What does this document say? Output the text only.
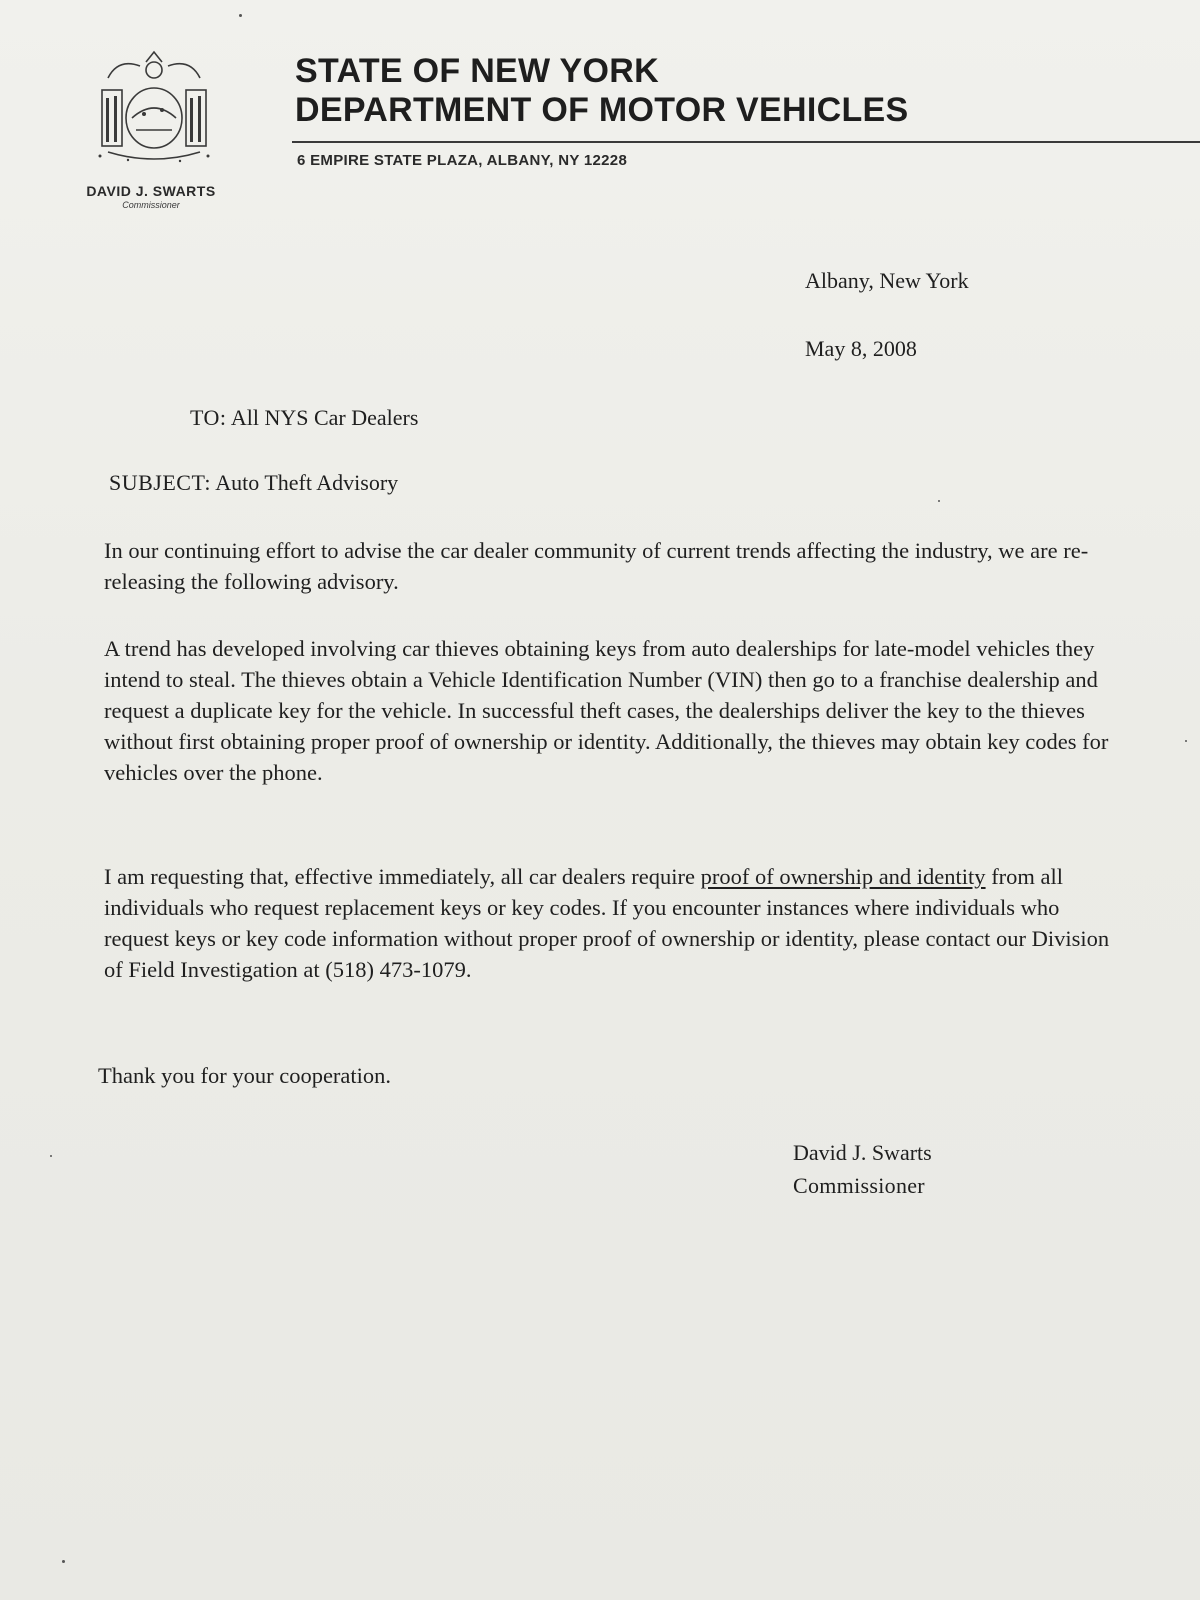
DAVID J. SWARTS
Commissioner
STATE OF NEW YORK
DEPARTMENT OF MOTOR VEHICLES
6 EMPIRE STATE PLAZA, ALBANY, NY 12228
Albany, New York
May 8, 2008
TO: All NYS Car Dealers
SUBJECT: Auto Theft Advisory
In our continuing effort to advise the car dealer community of current trends affecting the industry, we are re-releasing the following advisory.
A trend has developed involving car thieves obtaining keys from auto dealerships for late-model vehicles they intend to steal. The thieves obtain a Vehicle Identification Number (VIN) then go to a franchise dealership and request a duplicate key for the vehicle. In successful theft cases, the dealerships deliver the key to the thieves without first obtaining proper proof of ownership or identity. Additionally, the thieves may obtain key codes for vehicles over the phone.
I am requesting that, effective immediately, all car dealers require proof of ownership and identity from all individuals who request replacement keys or key codes. If you encounter instances where individuals who request keys or key code information without proper proof of ownership or identity, please contact our Division of Field Investigation at (518) 473-1079.
Thank you for your cooperation.
David J. Swarts
Commissioner
